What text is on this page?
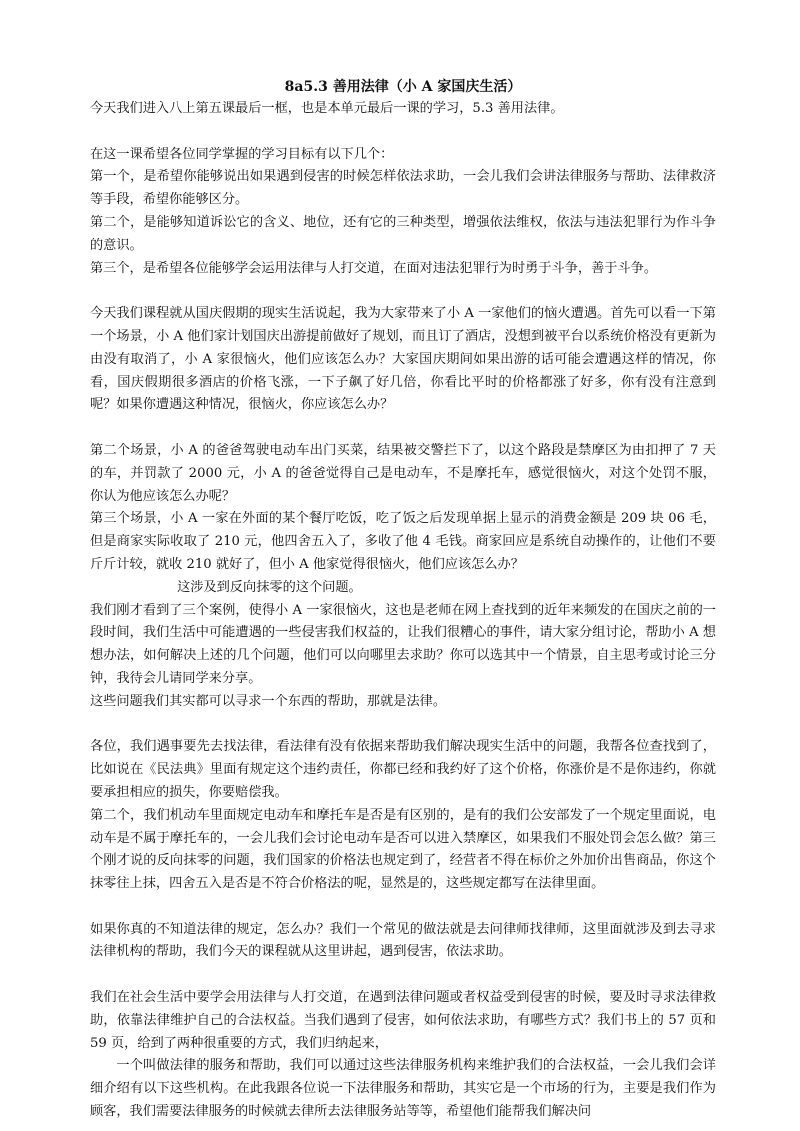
8a5.3 善用法律（小 A 家国庆生活）

今天我们进入八上第五课最后一框，也是本单元最后一课的学习，5.3 善用法律。

在这一课希望各位同学掌握的学习目标有以下几个：

第一个，是希望你能够说出如果遇到侵害的时候怎样依法求助，一会儿我们会讲法律服务与帮助、法律救济等手段，希望你能够区分。

第二个，是能够知道诉讼它的含义、地位，还有它的三种类型，增强依法维权，依法与违法犯罪行为作斗争的意识。

第三个，是希望各位能够学会运用法律与人打交道，在面对违法犯罪行为时勇于斗争，善于斗争。

今天我们课程就从国庆假期的现实生活说起，我为大家带来了小 A 一家他们的恼火遭遇。首先可以看一下第一个场景，小 A 他们家计划国庆出游提前做好了规划，而且订了酒店，没想到被平台以系统价格没有更新为由没有取消了，小 A 家很恼火，他们应该怎么办？大家国庆期间如果出游的话可能会遭遇这样的情况，你看，国庆假期很多酒店的价格飞涨，一下子飙了好几倍，你看比平时的价格都涨了好多，你有没有注意到呢？如果你遭遇这种情况，很恼火，你应该怎么办？

第二个场景，小 A 的爸爸驾驶电动车出门买菜，结果被交警拦下了，以这个路段是禁摩区为由扣押了 7 天的车，并罚款了 2000 元，小 A 的爸爸觉得自己是电动车，不是摩托车，感觉很恼火，对这个处罚不服，你认为他应该怎么办呢？

第三个场景，小 A 一家在外面的某个餐厅吃饭，吃了饭之后发现单据上显示的消费金额是 209 块 06 毛，但是商家实际收取了 210 元，他四舍五入了，多收了他 4 毛钱。商家回应是系统自动操作的，让他们不要斤斤计较，就收 210 就好了，但小 A 他家觉得很恼火，他们应该怎么办？

这涉及到反向抹零的这个问题。

我们刚才看到了三个案例，使得小 A 一家很恼火，这也是老师在网上查找到的近年来频发的在国庆之前的一段时间，我们生活中可能遭遇的一些侵害我们权益的，让我们很糟心的事件，请大家分组讨论，帮助小 A 想想办法，如何解决上述的几个问题，他们可以向哪里去求助？你可以选其中一个情景，自主思考或讨论三分钟，我待会儿请同学来分享。

这些问题我们其实都可以寻求一个东西的帮助，那就是法律。

各位，我们遇事要先去找法律，看法律有没有依据来帮助我们解决现实生活中的问题，我帮各位查找到了，比如说在《民法典》里面有规定这个违约责任，你都已经和我约好了这个价格，你涨价是不是你违约，你就要承担相应的损失，你要赔偿我。

第二个，我们机动车里面规定电动车和摩托车是否是有区别的，是有的我们公安部发了一个规定里面说，电动车是不属于摩托车的，一会儿我们会讨论电动车是否可以进入禁摩区，如果我们不服处罚会怎么做？第三个刚才说的反向抹零的问题，我们国家的价格法也规定到了，经营者不得在标价之外加价出售商品，你这个抹零往上抹，四舍五入是否是不符合价格法的呢，显然是的，这些规定都写在法律里面。

如果你真的不知道法律的规定，怎么办？我们一个常见的做法就是去问律师找律师，这里面就涉及到去寻求法律机构的帮助，我们今天的课程就从这里讲起，遇到侵害，依法求助。

我们在社会生活中要学会用法律与人打交道，在遇到法律问题或者权益受到侵害的时候，要及时寻求法律救助，依靠法律维护自己的合法权益。当我们遇到了侵害，如何依法求助，有哪些方式？我们书上的 57 页和 59 页，给到了两种很重要的方式，我们归纳起来，

一个叫做法律的服务和帮助，我们可以通过这些法律服务机构来维护我们的合法权益，一会儿我们会详细介绍有以下这些机构。在此我跟各位说一下法律服务和帮助，其实它是一个市场的行为，主要是我们作为顾客，我们需要法律服务的时候就去律所去法律服务站等等，希望他们能帮我们解决问
